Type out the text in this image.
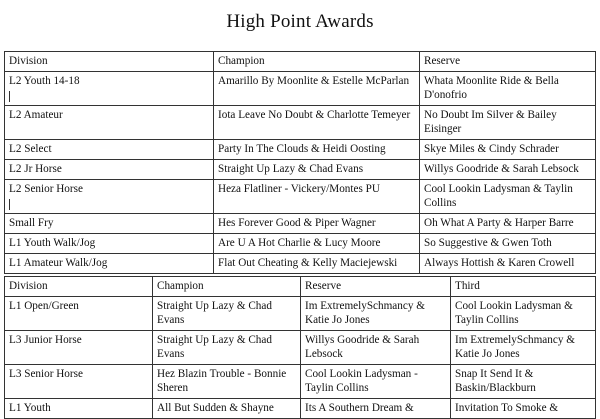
High Point Awards
Division	Champion	Reserve
L2 Youth 14-18	Amarillo By Moonlite & Estelle McParlan	Whata Moonlite Ride & Bella D'onofrio
L2 Amateur	Iota Leave No Doubt & Charlotte Temeyer	No Doubt Im Silver & Bailey Eisinger
L2 Select	Party In The Clouds & Heidi Oosting	Skye Miles & Cindy Schrader
L2 Jr Horse	Straight Up Lazy & Chad Evans	Willys Goodride & Sarah Lebsock
L2 Senior Horse	Heza Flatliner - Vickery/Montes PU	Cool Lookin Ladysman & Taylin Collins
Small Fry	Hes Forever Good & Piper Wagner	Oh What A Party & Harper Barre
L1 Youth Walk/Jog	Are U A Hot Charlie & Lucy Moore	So Suggestive & Gwen Toth
L1 Amateur Walk/Jog	Flat Out Cheating & Kelly Maciejewski	Always Hottish & Karen Crowell
Division	Champion	Reserve	Third
L1 Open/Green	Straight Up Lazy & Chad Evans	Im ExtremelySchmancy & Katie Jo Jones	Cool Lookin Ladysman & Taylin Collins
L3 Junior Horse	Straight Up Lazy & Chad Evans	Willys Goodride & Sarah Lebsock	Im ExtremelySchmancy & Katie Jo Jones
L3 Senior Horse	Hez Blazin Trouble - Bonnie Sheren	Cool Lookin Ladysman - Taylin Collins	Snap It Send It & Baskin/Blackburn
L1 Youth	All But Sudden & Shayne	Its A Southern Dream &	Invitation To Smoke &
